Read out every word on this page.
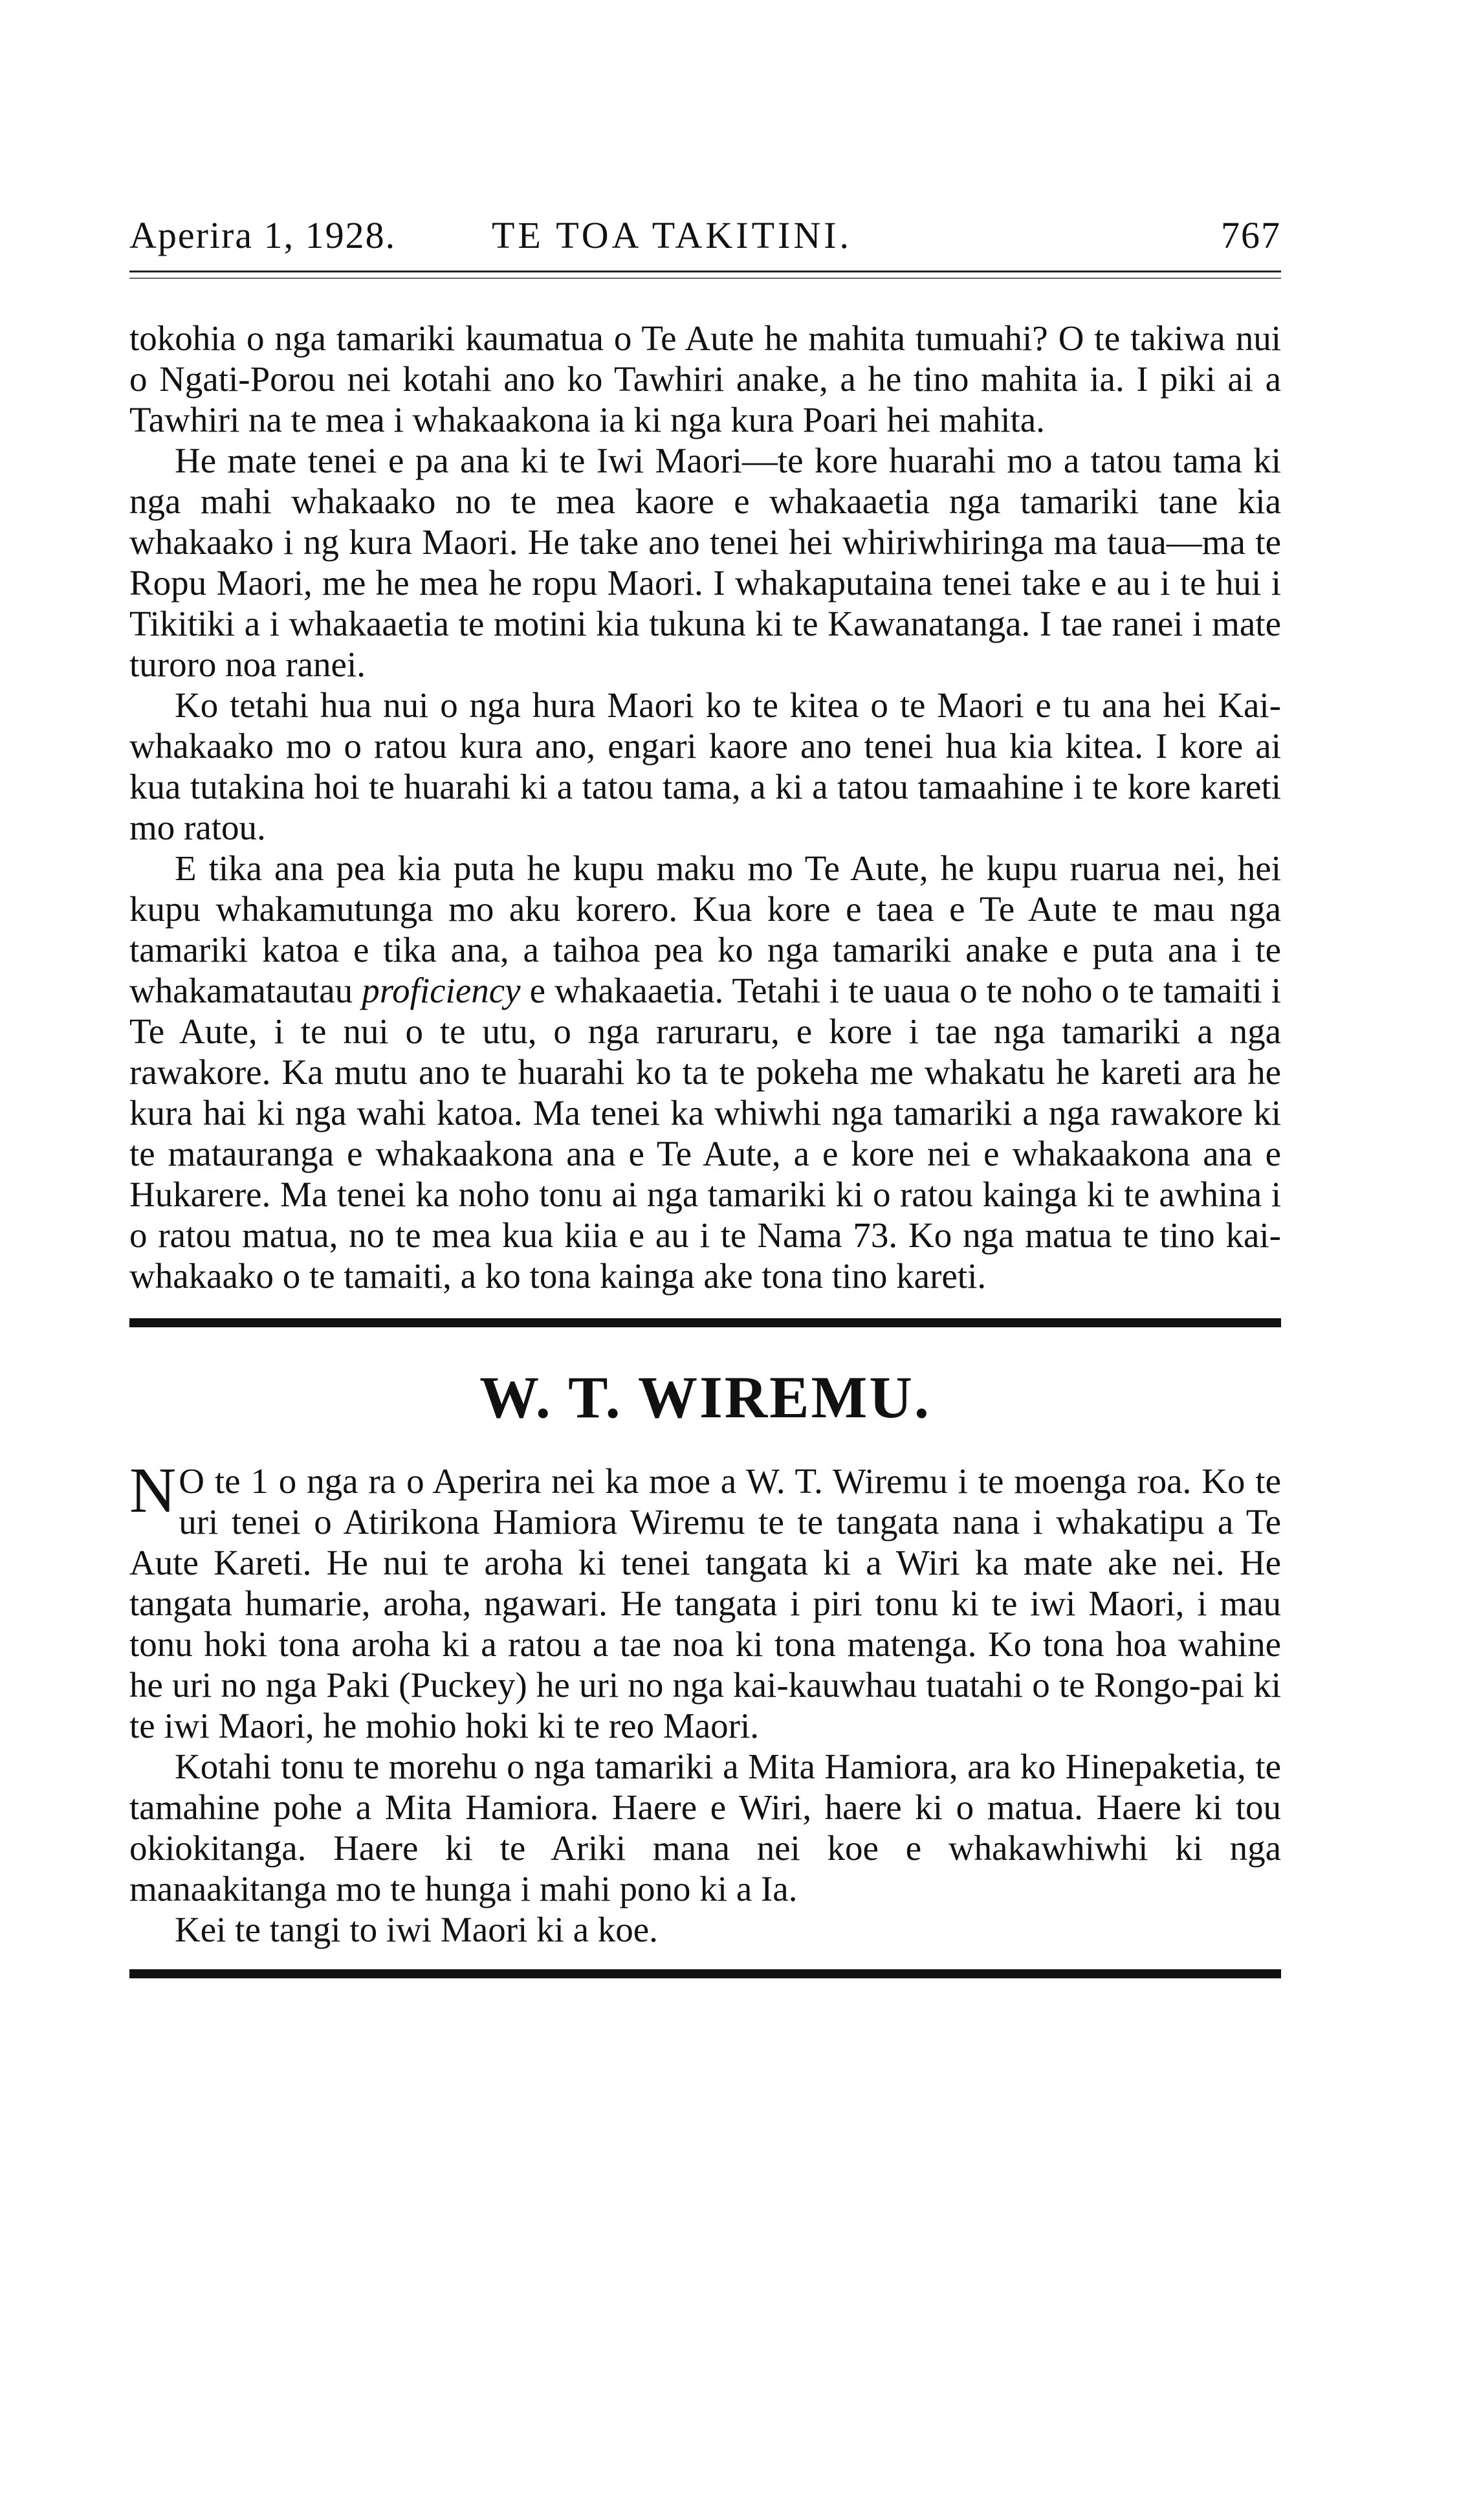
Aperira 1, 1928.	TE TOA TAKITINI.	767

tokohia o nga tamariki kaumatua o Te Aute he mahita tumuahi? O te takiwa nui o Ngati-Porou nei kotahi ano ko Tawhiri anake, a he tino mahita ia. I piki ai a Tawhiri na te mea i whakaakona ia ki nga kura Poari hei mahita.

He mate tenei e pa ana ki te Iwi Maori—te kore huarahi mo a tatou tama ki nga mahi whakaako no te mea kaore e whakaaetia nga tamariki tane kia whakaako i ng kura Maori. He take ano tenei hei whiriwhiringa ma taua—ma te Ropu Maori, me he mea he ropu Maori. I whakaputaina tenei take e au i te hui i Tikitiki a i whakaaetia te motini kia tukuna ki te Kawanatanga. I tae ranei i mate turoro noa ranei.

Ko tetahi hua nui o nga hura Maori ko te kitea o te Maori e tu ana hei Kai-whakaako mo o ratou kura ano, engari kaore ano tenei hua kia kitea. I kore ai kua tutakina hoi te huarahi ki a tatou tama, a ki a tatou tamaahine i te kore kareti mo ratou.

E tika ana pea kia puta he kupu maku mo Te Aute, he kupu ruarua nei, hei kupu whakamutunga mo aku korero. Kua kore e taea e Te Aute te mau nga tamariki katoa e tika ana, a taihoa pea ko nga tamariki anake e puta ana i te whakamatautau proficiency e whakaaetia. Tetahi i te uaua o te noho o te tamaiti i Te Aute, i te nui o te utu, o nga raruraru, e kore i tae nga tamariki a nga rawakore. Ka mutu ano te huarahi ko ta te pokeha me whakatu he kareti ara he kura hai ki nga wahi katoa. Ma tenei ka whiwhi nga tamariki a nga rawakore ki te matauranga e whakaakona ana e Te Aute, a e kore nei e whakaakona ana e Hukarere. Ma tenei ka noho tonu ai nga tamariki ki o ratou kainga ki te awhina i o ratou matua, no te mea kua kiia e au i te Nama 73. Ko nga matua te tino kai-whakaako o te tamaiti, a ko tona kainga ake tona tino kareti.

W. T. WIREMU.

N O te 1 o nga ra o Aperira nei ka moe a W. T. Wiremu i te moenga roa. Ko te uri tenei o Atirikona Hamiora Wiremu te te tangata nana i whakatipu a Te Aute Kareti. He nui te aroha ki tenei tangata ki a Wiri ka mate ake nei. He tangata humarie, aroha, ngawari. He tangata i piri tonu ki te iwi Maori, i mau tonu hoki tona aroha ki a ratou a tae noa ki tona matenga. Ko tona hoa wahine he uri no nga Paki (Puckey) he uri no nga kai-kauwhau tuatahi o te Rongo-pai ki te iwi Maori, he mohio hoki ki te reo Maori.

Kotahi tonu te morehu o nga tamariki a Mita Hamiora, ara ko Hinepaketia, te tamahine pohe a Mita Hamiora. Haere e Wiri, haere ki o matua. Haere ki tou okiokitanga. Haere ki te Ariki mana nei koe e whakawhiwhi ki nga manaakitanga mo te hunga i mahi pono ki a Ia.

Kei te tangi to iwi Maori ki a koe.
